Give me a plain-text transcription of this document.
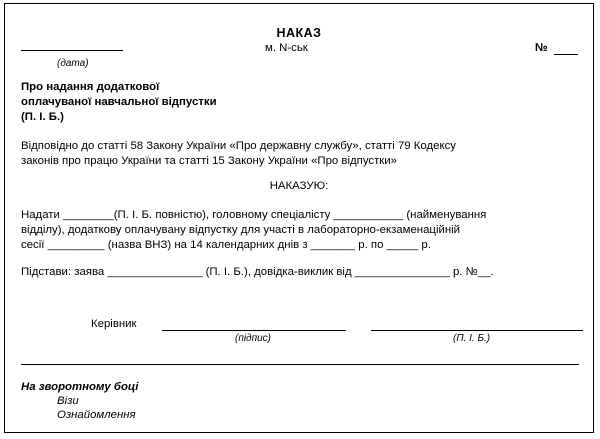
НАКАЗ
(дата)
м. N-ськ	№
Про надання додаткової
оплачуваної навчальної відпустки
(П. І. Б.)
Відповідно до статті 58 Закону України «Про державну службу», статті 79 Кодексу
законів про працю України та статті 15 Закону України «Про відпустки»
НАКАЗУЮ:
Надати ________(П. І. Б. повністю), головному спеціалісту ___________ (найменування
відділу), додаткову оплачувану відпустку для участі в лабораторно-екзаменаційній
сесії _________ (назва ВНЗ) на 14 календарних днів з _______ р. по _____ р.
Підстави: заява _______________ (П. І. Б.), довідка-виклик від _______________ р. №__.
Керівник
(підпис)	(П. І. Б.)
На зворотному боці
Візи
Ознайомлення
